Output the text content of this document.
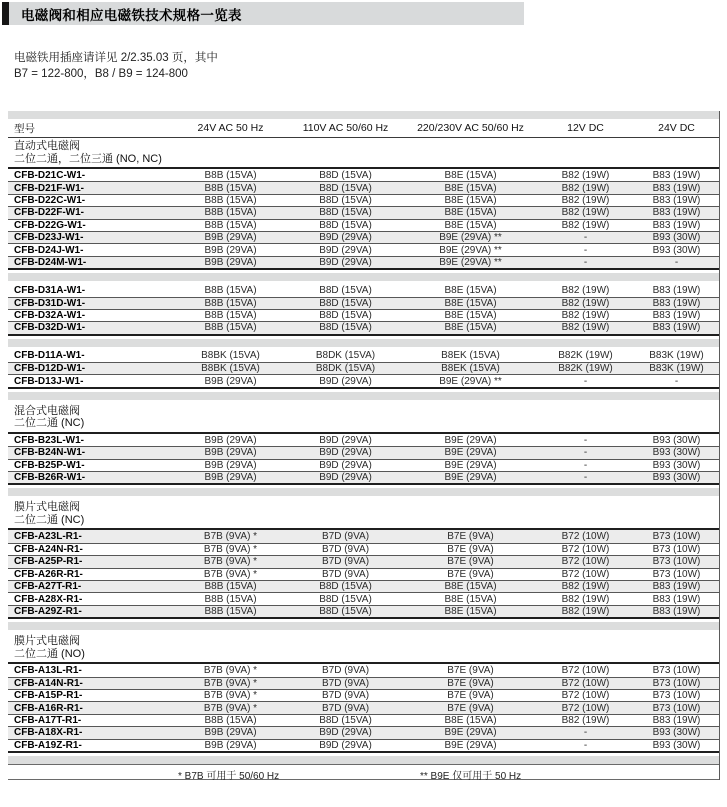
电磁阀和相应电磁铁技术规格一览表
电磁铁用插座请详见 2/2.35.03 页，其中
B7 = 122-800，B8 / B9 = 124-800
型号	24V AC 50 Hz	110V AC 50/60 Hz	220/230V AC 50/60 Hz	12V DC	24V DC
直动式电磁阀
二位二通，二位三通 (NO, NC)
CFB-D21C-W1-	B8B (15VA)	B8D (15VA)	B8E (15VA)	B82 (19W)	B83 (19W)
CFB-D21F-W1-	B8B (15VA)	B8D (15VA)	B8E (15VA)	B82 (19W)	B83 (19W)
CFB-D22C-W1-	B8B (15VA)	B8D (15VA)	B8E (15VA)	B82 (19W)	B83 (19W)
CFB-D22F-W1-	B8B (15VA)	B8D (15VA)	B8E (15VA)	B82 (19W)	B83 (19W)
CFB-D22G-W1-	B8B (15VA)	B8D (15VA)	B8E (15VA)	B82 (19W)	B83 (19W)
CFB-D23J-W1-	B9B (29VA)	B9D (29VA)	B9E (29VA) **	-	B93 (30W)
CFB-D24J-W1-	B9B (29VA)	B9D (29VA)	B9E (29VA) **	-	B93 (30W)
CFB-D24M-W1-	B9B (29VA)	B9D (29VA)	B9E (29VA) **	-	-
CFB-D31A-W1-	B8B (15VA)	B8D (15VA)	B8E (15VA)	B82 (19W)	B83 (19W)
CFB-D31D-W1-	B8B (15VA)	B8D (15VA)	B8E (15VA)	B82 (19W)	B83 (19W)
CFB-D32A-W1-	B8B (15VA)	B8D (15VA)	B8E (15VA)	B82 (19W)	B83 (19W)
CFB-D32D-W1-	B8B (15VA)	B8D (15VA)	B8E (15VA)	B82 (19W)	B83 (19W)
CFB-D11A-W1-	B8BK (15VA)	B8DK (15VA)	B8EK (15VA)	B82K (19W)	B83K (19W)
CFB-D12D-W1-	B8BK (15VA)	B8DK (15VA)	B8EK (15VA)	B82K (19W)	B83K (19W)
CFB-D13J-W1-	B9B (29VA)	B9D (29VA)	B9E (29VA) **	-	-
混合式电磁阀
二位二通 (NC)
CFB-B23L-W1-	B9B (29VA)	B9D (29VA)	B9E (29VA)	-	B93 (30W)
CFB-B24N-W1-	B9B (29VA)	B9D (29VA)	B9E (29VA)	-	B93 (30W)
CFB-B25P-W1-	B9B (29VA)	B9D (29VA)	B9E (29VA)	-	B93 (30W)
CFB-B26R-W1-	B9B (29VA)	B9D (29VA)	B9E (29VA)	-	B93 (30W)
膜片式电磁阀
二位二通 (NC)
CFB-A23L-R1-	B7B (9VA) *	B7D (9VA)	B7E (9VA)	B72 (10W)	B73 (10W)
CFB-A24N-R1-	B7B (9VA) *	B7D (9VA)	B7E (9VA)	B72 (10W)	B73 (10W)
CFB-A25P-R1-	B7B (9VA) *	B7D (9VA)	B7E (9VA)	B72 (10W)	B73 (10W)
CFB-A26R-R1-	B7B (9VA) *	B7D (9VA)	B7E (9VA)	B72 (10W)	B73 (10W)
CFB-A27T-R1-	B8B (15VA)	B8D (15VA)	B8E (15VA)	B82 (19W)	B83 (19W)
CFB-A28X-R1-	B8B (15VA)	B8D (15VA)	B8E (15VA)	B82 (19W)	B83 (19W)
CFB-A29Z-R1-	B8B (15VA)	B8D (15VA)	B8E (15VA)	B82 (19W)	B83 (19W)
膜片式电磁阀
二位二通 (NO)
CFB-A13L-R1-	B7B (9VA) *	B7D (9VA)	B7E (9VA)	B72 (10W)	B73 (10W)
CFB-A14N-R1-	B7B (9VA) *	B7D (9VA)	B7E (9VA)	B72 (10W)	B73 (10W)
CFB-A15P-R1-	B7B (9VA) *	B7D (9VA)	B7E (9VA)	B72 (10W)	B73 (10W)
CFB-A16R-R1-	B7B (9VA) *	B7D (9VA)	B7E (9VA)	B72 (10W)	B73 (10W)
CFB-A17T-R1-	B8B (15VA)	B8D (15VA)	B8E (15VA)	B82 (19W)	B83 (19W)
CFB-A18X-R1-	B9B (29VA)	B9D (29VA)	B9E (29VA)	-	B93 (30W)
CFB-A19Z-R1-	B9B (29VA)	B9D (29VA)	B9E (29VA)	-	B93 (30W)
* B7B 可用于 50/60 Hz	** B9E 仅可用于 50 Hz
